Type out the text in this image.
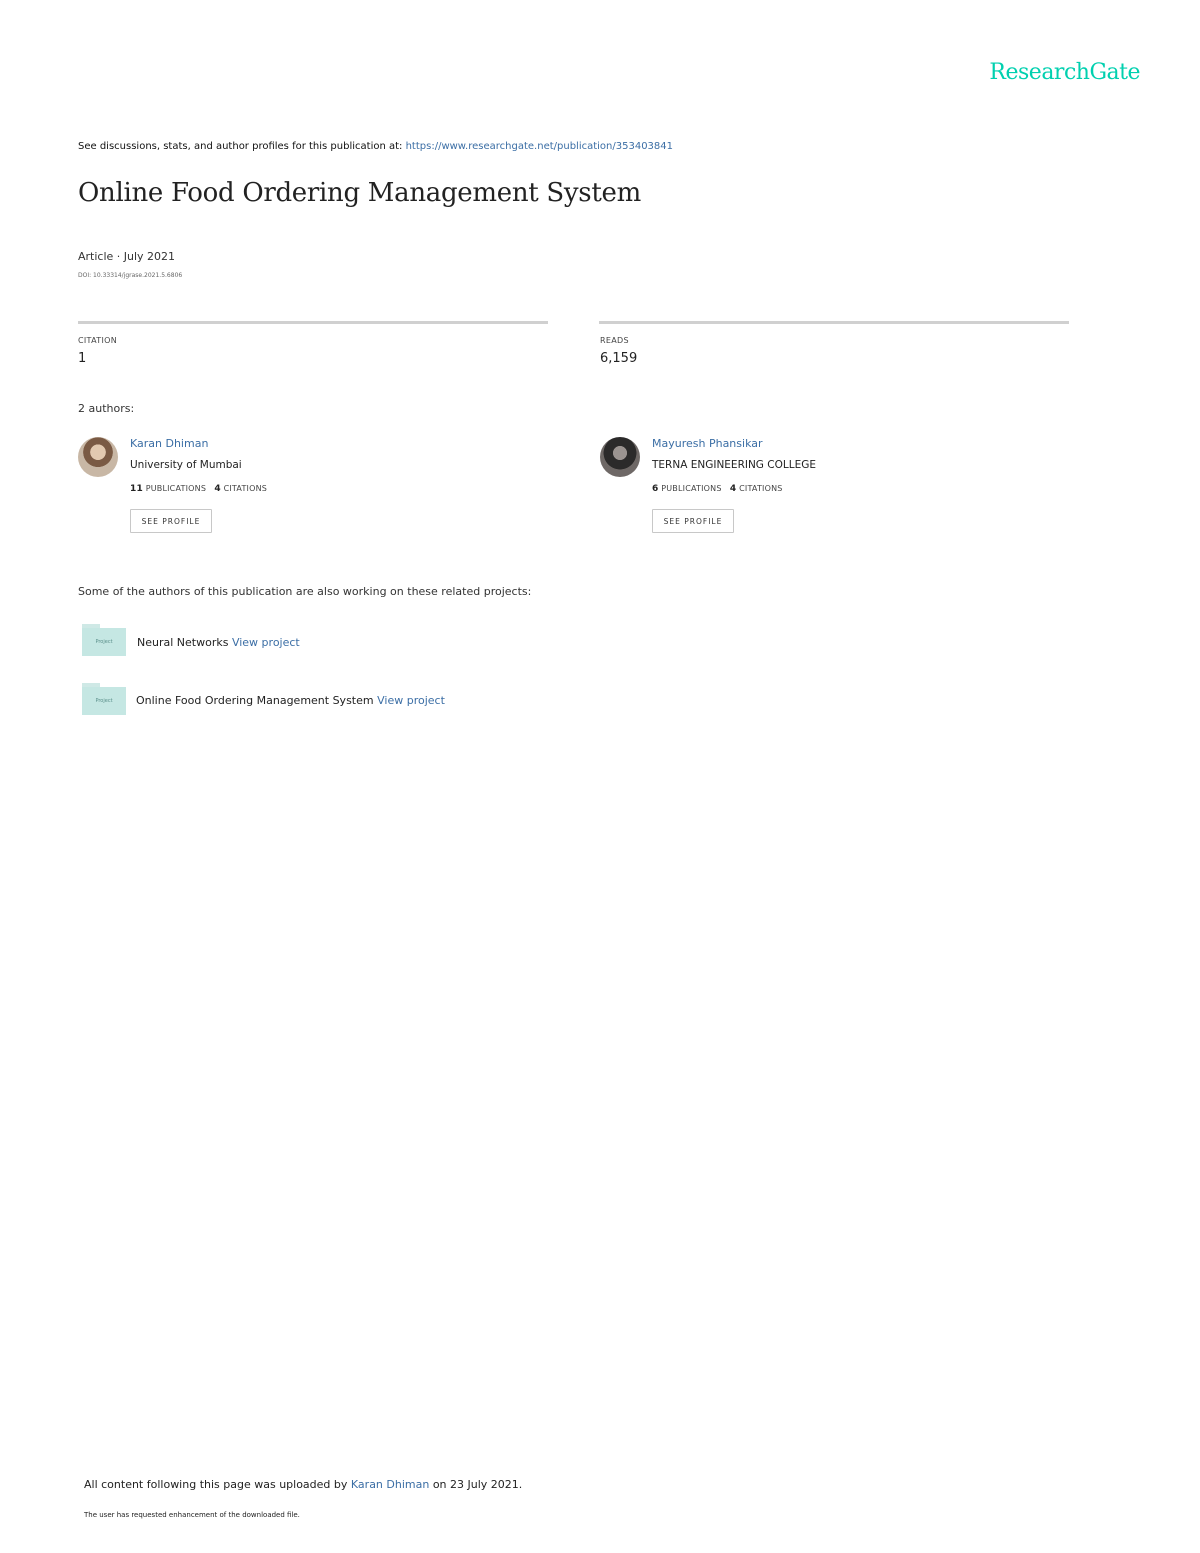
ResearchGate
See discussions, stats, and author profiles for this publication at: https://www.researchgate.net/publication/353403841
Online Food Ordering Management System
Article · July 2021
DOI: 10.33314/jgrase.2021.5.6806
CITATION
1
READS
6,159
2 authors:
Karan Dhiman
University of Mumbai
11 PUBLICATIONS 4 CITATIONS
SEE PROFILE
Mayuresh Phansikar
TERNA ENGINEERING COLLEGE
6 PUBLICATIONS 4 CITATIONS
SEE PROFILE
Some of the authors of this publication are also working on these related projects:
Project Neural Networks View project
Project Online Food Ordering Management System View project
All content following this page was uploaded by Karan Dhiman on 23 July 2021.
The user has requested enhancement of the downloaded file.
